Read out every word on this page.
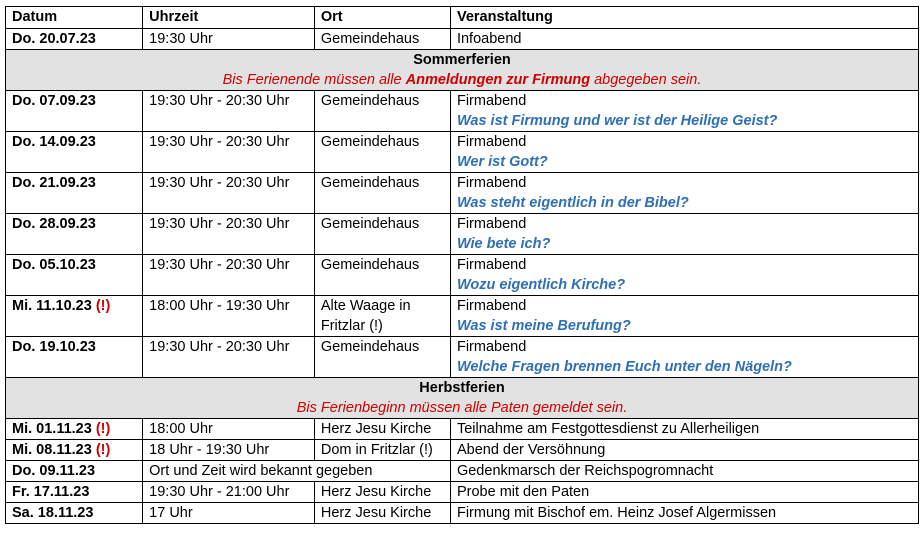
Datum	Uhrzeit	Ort	Veranstaltung
Do. 20.07.23	19:30 Uhr	Gemeindehaus	Infoabend

Sommerferien
Bis Ferienende müssen alle Anmeldungen zur Firmung abgegeben sein.			

Do. 07.09.23	19:30 Uhr - 20:30 Uhr	Gemeindehaus	Firmabend
Was ist Firmung und wer ist der Heilige Geist?

Do. 14.09.23	19:30 Uhr - 20:30 Uhr	Gemeindehaus	Firmabend
Wer ist Gott?

Do. 21.09.23	19:30 Uhr - 20:30 Uhr	Gemeindehaus	Firmabend
Was steht eigentlich in der Bibel?

Do. 28.09.23	19:30 Uhr - 20:30 Uhr	Gemeindehaus	Firmabend
Wie bete ich?

Do. 05.10.23	19:30 Uhr - 20:30 Uhr	Gemeindehaus	Firmabend
Wozu eigentlich Kirche?

Mi. 11.10.23 (!)	18:00 Uhr - 19:30 Uhr	Alte Waage in Fritzlar (!)	Firmabend
Was ist meine Berufung?

Do. 19.10.23	19:30 Uhr - 20:30 Uhr	Gemeindehaus	Firmabend
Welche Fragen brennen Euch unter den Nägeln?

Herbstferien
Bis Ferienbeginn müssen alle Paten gemeldet sein.			

Mi. 01.11.23 (!)	18:00 Uhr	Herz Jesu Kirche	Teilnahme am Festgottesdienst zu Allerheiligen
Mi. 08.11.23 (!)	18 Uhr - 19:30 Uhr	Dom in Fritzlar (!)	Abend der Versöhnung
Do. 09.11.23	Ort und Zeit wird bekannt gegeben		Gedenkmarsch der Reichspogromnacht
Fr. 17.11.23	19:30 Uhr - 21:00 Uhr	Herz Jesu Kirche	Probe mit den Paten
Sa. 18.11.23	17 Uhr	Herz Jesu Kirche	Firmung mit Bischof em. Heinz Josef Algermissen
